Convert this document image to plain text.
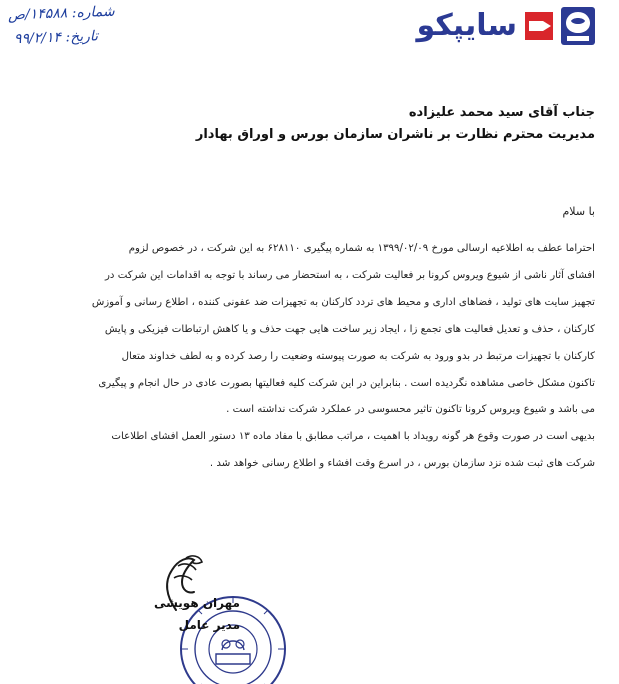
شماره: ۱۴۵۸۸/ص
تاریخ: ۹۹/۲/۱۴	سایپکو
جناب آقای سید محمد علیزاده
مدیریت محترم نظارت بر ناشران سازمان بورس و اوراق بهادار
با سلام
احتراما عطف به اطلاعیه ارسالی مورخ ۱۳۹۹/۰۲/۰۹ به شماره پیگیری ۶۲۸۱۱۰ به این شرکت ، در خصوص لزوم
افشای آثار ناشی از شیوع ویروس کرونا بر فعالیت شرکت ، به استحضار می رساند با توجه به اقدامات این شرکت در
تجهیز سایت های تولید ، فضاهای اداری و محیط های تردد کارکنان به تجهیزات ضد عفونی کننده ، اطلاع رسانی و آموزش
کارکنان ، حذف و تعدیل فعالیت های تجمع زا ، ایجاد زیر ساخت هایی جهت حذف و یا کاهش ارتباطات فیزیکی و پایش
کارکنان با تجهیزات مرتبط در بدو ورود به شرکت به صورت پیوسته وضعیت را رصد کرده و به لطف خداوند متعال
تاکنون مشکل خاصی مشاهده نگردیده است . بنابراین در این شرکت کلیه فعالیتها بصورت عادی در حال انجام و پیگیری
می باشد و شیوع ویروس کرونا تاکنون تاثیر محسوسی در عملکرد شرکت نداشته است .
بدیهی است در صورت وقوع هر گونه رویداد با اهمیت ، مراتب مطابق با مفاد ماده ۱۳ دستور العمل افشای اطلاعات
شرکت های ثبت شده نزد سازمان بورس ، در اسرع وقت افشاء و اطلاع رسانی خواهد شد .
مهران هویشی
مدیر عامل
